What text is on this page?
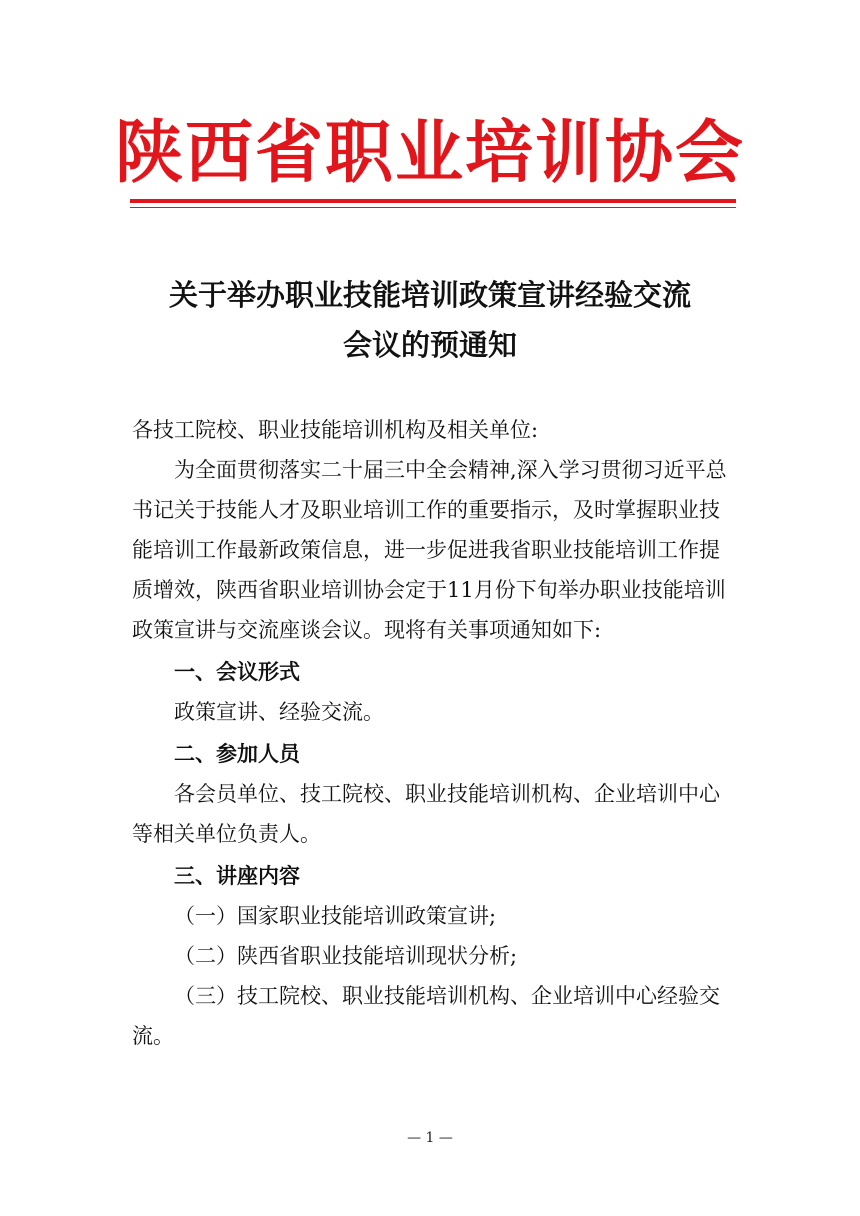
陕西省职业培训协会
关于举办职业技能培训政策宣讲经验交流
会议的预通知

各技工院校、职业技能培训机构及相关单位:

为全面贯彻落实二十届三中全会精神,深入学习贯彻习近平总书记关于技能人才及职业培训工作的重要指示，及时掌握职业技能培训工作最新政策信息，进一步促进我省职业技能培训工作提质增效，陕西省职业培训协会定于11月份下旬举办职业技能培训政策宣讲与交流座谈会议。现将有关事项通知如下:

一、会议形式

政策宣讲、经验交流。

二、参加人员

各会员单位、技工院校、职业技能培训机构、企业培训中心等相关单位负责人。

三、讲座内容

（一）国家职业技能培训政策宣讲;

（二）陕西省职业技能培训现状分析;

（三）技工院校、职业技能培训机构、企业培训中心经验交流。

— 1 —
